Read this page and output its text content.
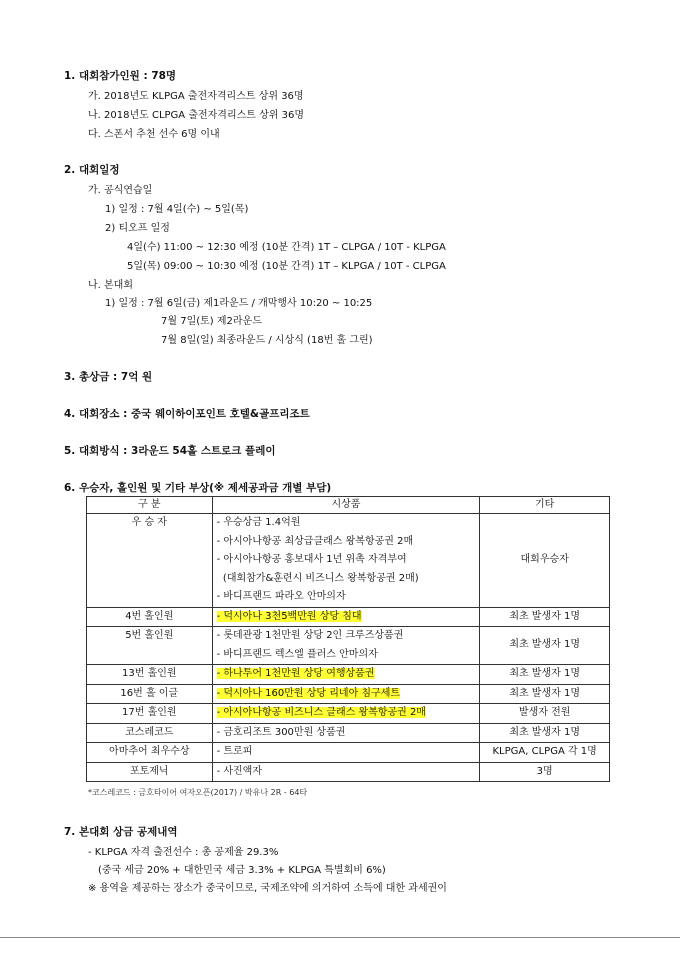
1. 대회참가인원 : 78명
가. 2018년도 KLPGA 출전자격리스트 상위 36명
나. 2018년도 CLPGA 출전자격리스트 상위 36명
다. 스폰서 추천 선수 6명 이내
2. 대회일정
가. 공식연습일
1) 일정 : 7월 4일(수) ~ 5일(목)
2) 티오프 일정
4일(수) 11:00 ~ 12:30 예정 (10분 간격) 1T – CLPGA / 10T - KLPGA
5일(목) 09:00 ~ 10:30 예정 (10분 간격) 1T – KLPGA / 10T - CLPGA
나. 본대회
1) 일정 : 7월 6일(금) 제1라운드 / 개막행사 10:20 ~ 10:25
7월 7일(토) 제2라운드
7월 8일(일) 최종라운드 / 시상식 (18번 홀 그린)
3. 총상금 : 7억 원
4. 대회장소 : 중국 웨이하이포인트 호텔&골프리조트
5. 대회방식 : 3라운드 54홀 스트로크 플레이
6. 우승자, 홀인원 및 기타 부상(※ 제세공과금 개별 부담)
구 분	시상품	기타
우 승 자	- 우승상금 1.4억원
- 아시아나항공 최상급클래스 왕복항공권 2매
- 아시아나항공 홍보대사 1년 위촉 자격부여
(대회참가&훈련시 비즈니스 왕복항공권 2매)
- 바디프랜드 파라오 안마의자	대회우승자
4번 홀인원	- 덕시아나 3천5백만원 상당 침대	최초 발생자 1명
5번 홀인원	- 롯데관광 1천만원 상당 2인 크루즈상품권
- 바디프랜드 렉스엘 플러스 안마의자	최초 발생자 1명
13번 홀인원	- 하나투어 1천만원 상당 여행상품권	최초 발생자 1명
16번 홀 이글	- 덕시아나 160만원 상당 리네아 침구세트	최초 발생자 1명
17번 홀인원	- 아시아나항공 비즈니스 클래스 왕복항공권 2매	발생자 전원
코스레코드	- 금호리조트 300만원 상품권	최초 발생자 1명
아마추어 최우수상	- 트로피	KLPGA, CLPGA 각 1명
포토제닉	- 사진액자	3명
*코스레코드 : 금호타이어 여자오픈(2017) / 박유나 2R - 64타
7. 본대회 상금 공제내역
- KLPGA 자격 출전선수 : 총 공제율 29.3%
(중국 세금 20% + 대한민국 세금 3.3% + KLPGA 특별회비 6%)
※ 용역을 제공하는 장소가 중국이므로, 국제조약에 의거하여 소득에 대한 과세권이
